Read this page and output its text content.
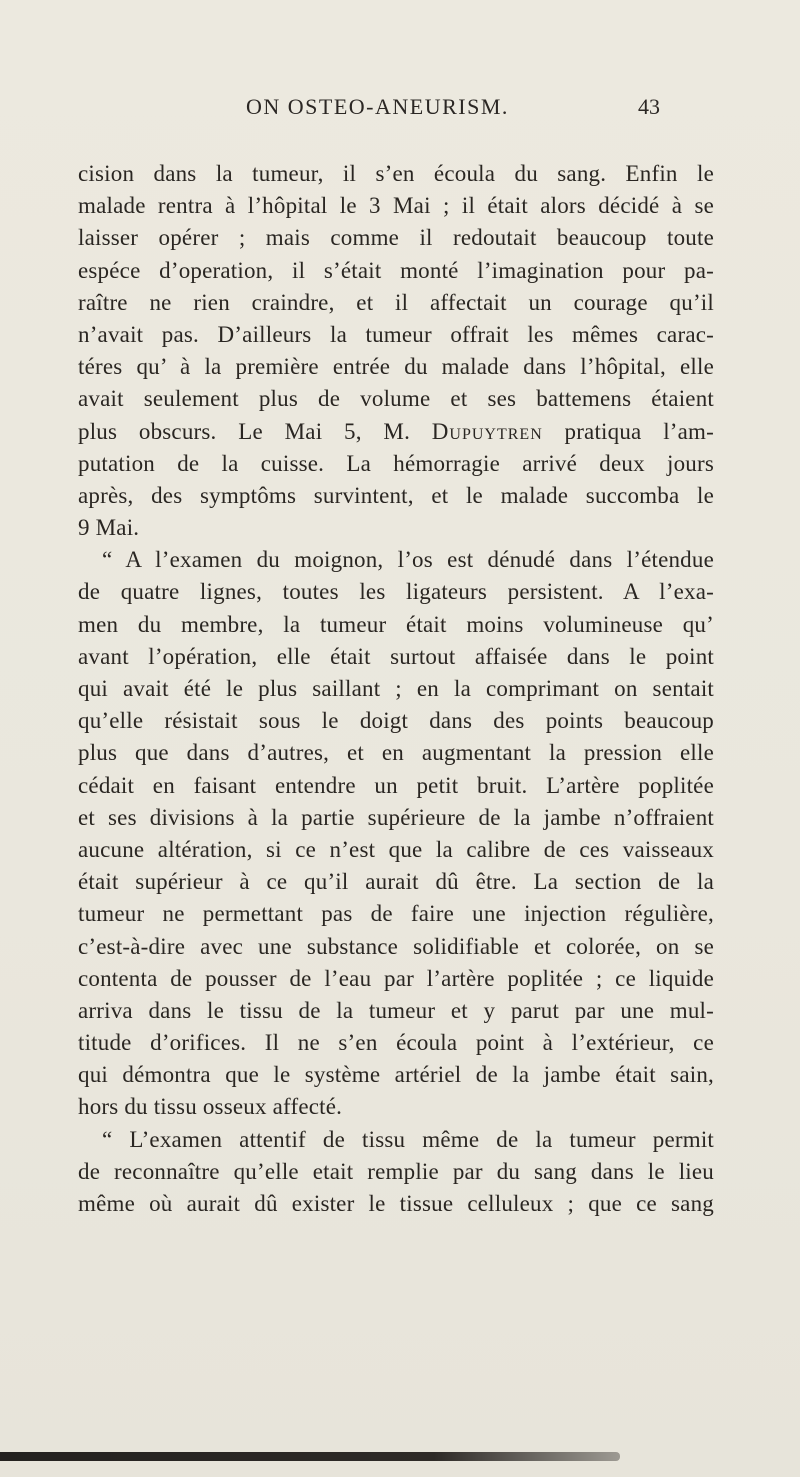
ON OSTEO-ANEURISM.	43
cision dans la tumeur, il s’en écoula du sang. Enfin le
malade rentra à l’hôpital le 3 Mai ; il était alors décidé à se
laisser opérer ; mais comme il redoutait beaucoup toute
espéce d’operation, il s’était monté l’imagination pour pa-
raître ne rien craindre, et il affectait un courage qu’il
n’avait pas. D’ailleurs la tumeur offrait les mêmes carac-
téres qu’ à la première entrée du malade dans l’hôpital, elle
avait seulement plus de volume et ses battemens étaient
plus obscurs. Le Mai 5, M. Dupuytren pratiqua l’am-
putation de la cuisse. La hémorragie arrivé deux jours
après, des symptôms survintent, et le malade succomba le
9 Mai.
“ A l’examen du moignon, l’os est dénudé dans l’étendue
de quatre lignes, toutes les ligateurs persistent. A l’exa-
men du membre, la tumeur était moins volumineuse qu’
avant l’opération, elle était surtout affaisée dans le point
qui avait été le plus saillant ; en la comprimant on sentait
qu’elle résistait sous le doigt dans des points beaucoup
plus que dans d’autres, et en augmentant la pression elle
cédait en faisant entendre un petit bruit. L’artère poplitée
et ses divisions à la partie supérieure de la jambe n’offraient
aucune altération, si ce n’est que la calibre de ces vaisseaux
était supérieur à ce qu’il aurait dû être. La section de la
tumeur ne permettant pas de faire une injection régulière,
c’est-à-dire avec une substance solidifiable et colorée, on se
contenta de pousser de l’eau par l’artère poplitée ; ce liquide
arriva dans le tissu de la tumeur et y parut par une mul-
titude d’orifices. Il ne s’en écoula point à l’extérieur, ce
qui démontra que le système artériel de la jambe était sain,
hors du tissu osseux affecté.
“ L’examen attentif de tissu même de la tumeur permit
de reconnaître qu’elle etait remplie par du sang dans le lieu
même où aurait dû exister le tissue celluleux ; que ce sang
